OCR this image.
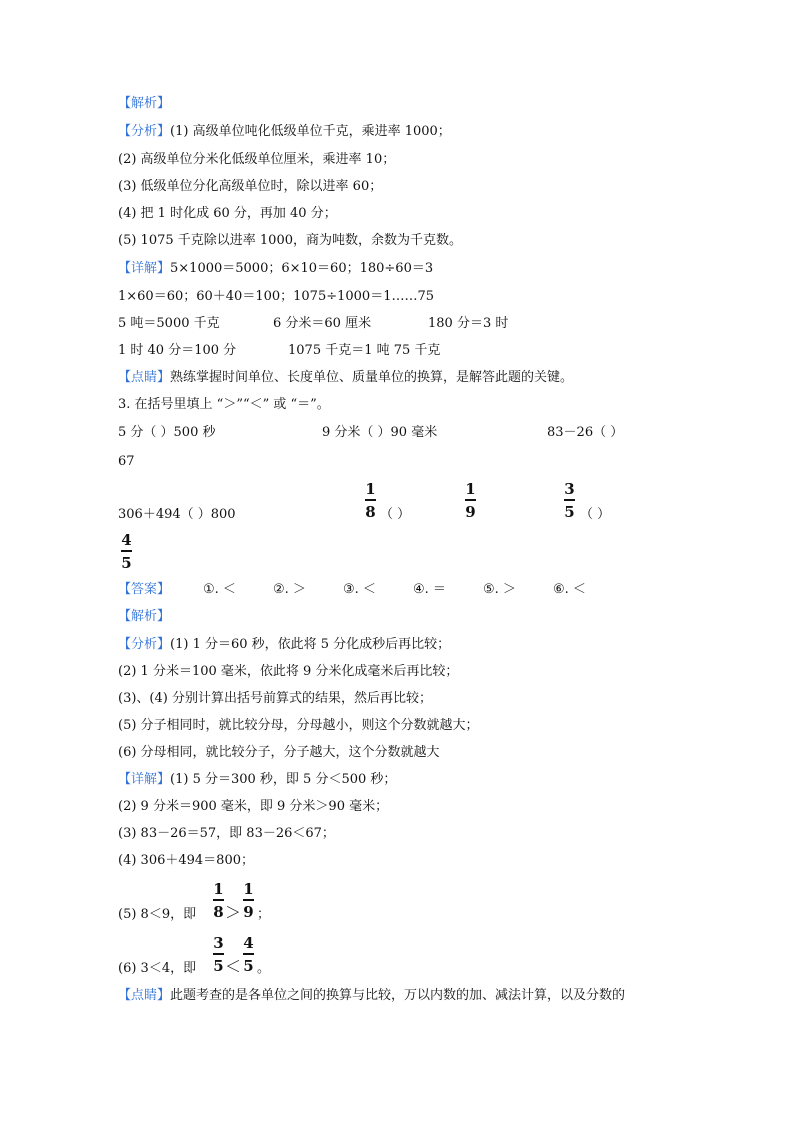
【解析】
【分析】(1) 高级单位吨化低级单位千克，乘进率 1000；
(2) 高级单位分米化低级单位厘米，乘进率 10；
(3) 低级单位分化高级单位时，除以进率 60；
(4) 把 1 时化成 60 分，再加 40 分；
(5) 1075 千克除以进率 1000，商为吨数，余数为千克数。
【详解】5×1000＝5000；6×10＝60；180÷60＝3
1×60＝60；60＋40＝100；1075÷1000＝1……75
5 吨＝5000 千克	6 分米＝60 厘米	180 分＝3 时
1 时 40 分＝100 分	1075 千克＝1 吨 75 千克
【点睛】熟练掌握时间单位、长度单位、质量单位的换算，是解答此题的关键。
3. 在括号里填上 “＞”“＜” 或 “＝”。
5 分（ ）500 秒	9 分米（ ）90 毫米	83－26（ ）
67
306＋494（ ）800
1
8 （ ）
1
9
3
5 （ ）
4
5
【答案】	①. ＜	②. ＞	③. ＜	④. ＝	⑤. ＞	⑥. ＜
【解析】
【分析】(1) 1 分＝60 秒，依此将 5 分化成秒后再比较；
(2) 1 分米＝100 毫米，依此将 9 分米化成毫米后再比较；
(3)、(4) 分别计算出括号前算式的结果，然后再比较；
(5) 分子相同时，就比较分母，分母越小，则这个分数就越大；
(6) 分母相同，就比较分子，分子越大，这个分数就越大
【详解】(1) 5 分＝300 秒，即 5 分＜500 秒；
(2) 9 分米＝900 毫米，即 9 分米＞90 毫米；
(3) 83－26＝57，即 83－26＜67；
(4) 306＋494＝800；
(5) 8＜9，即
1
8 ＞
1
9 ；
(6) 3＜4，即
3
5 ＜
4
5 。
【点睛】此题考查的是各单位之间的换算与比较，万以内数的加、减法计算，以及分数的
